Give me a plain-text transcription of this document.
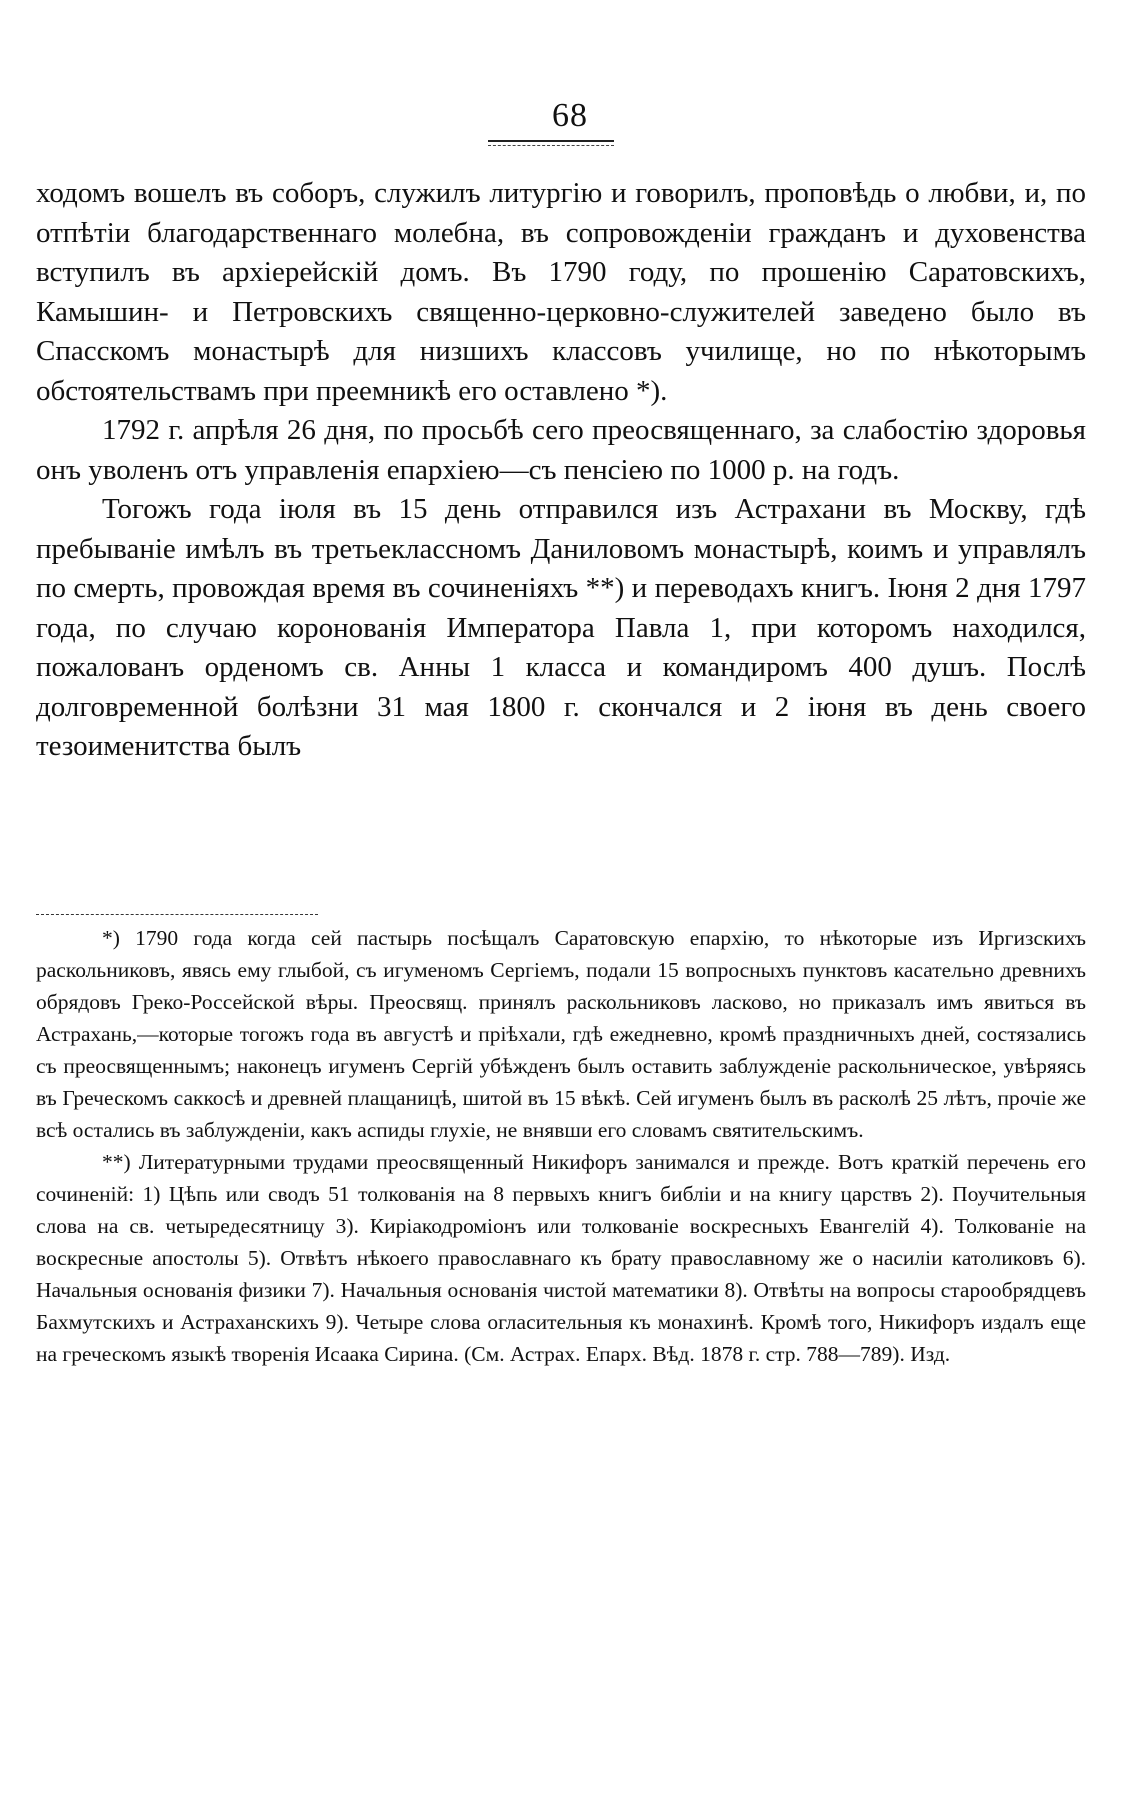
68

ходомъ вошелъ въ соборъ, служилъ литургію и говорилъ, проповѣдь о любви, и, по отпѣтіи благодарственнаго молебна, въ сопровожденіи гражданъ и духовенства вступилъ въ архіерейскій домъ. Въ 1790 году, по прошенію Саратовскихъ, Камышин- и Петровскихъ священно-церковно-служителей заведено было въ Спасскомъ монастырѣ для низшихъ классовъ училище, но по нѣкоторымъ обстоятельствамъ при преемникѣ его оставлено *).

1792 г. апрѣля 26 дня, по просьбѣ сего преосвященнаго, за слабостію здоровья онъ уволенъ отъ управленія епархіею—съ пенсіею по 1000 р. на годъ.

Тогожъ года іюля въ 15 день отправился изъ Астрахани въ Москву, гдѣ пребываніе имѣлъ въ третьеклассномъ Даниловомъ монастырѣ, коимъ и управлялъ по смерть, провождая время въ сочиненіяхъ **) и переводахъ книгъ. Іюня 2 дня 1797 года, по случаю коронованія Императора Павла 1, при которомъ находился, пожалованъ орденомъ св. Анны 1 класса и командиромъ 400 душъ. Послѣ долговременной болѣзни 31 мая 1800 г. скончался и 2 іюня въ день своего тезоименитства былъ

*) 1790 года когда сей пастырь посѣщалъ Саратовскую епархію, то нѣкоторые изъ Иргизскихъ раскольниковъ, явясь ему глыбой, съ игуменомъ Сергіемъ, подали 15 вопросныхъ пунктовъ касательно древнихъ обрядовъ Греко-Россейской вѣры. Преосвящ. принялъ раскольниковъ ласково, но приказалъ имъ явиться въ Астрахань,—которые тогожъ года въ августѣ и пріѣхали, гдѣ ежедневно, кромѣ праздничныхъ дней, состязались съ преосвященнымъ; наконецъ игуменъ Сергій убѣжденъ былъ оставить заблужденіе раскольническое, увѣряясь въ Греческомъ саккосѣ и древней плащаницѣ, шитой въ 15 вѣкѣ. Сей игуменъ былъ въ расколѣ 25 лѣтъ, прочіе же всѣ остались въ заблужденіи, какъ аспиды глухіе, не внявши его словамъ святительскимъ.

**) Литературными трудами преосвященный Никифоръ занимался и прежде. Вотъ краткій перечень его сочиненій: 1) Цѣпь или сводъ 51 толкованія на 8 первыхъ книгъ библіи и на книгу царствъ 2). Поучительныя слова на св. четыредесятницу 3). Киріакодроміонъ или толкованіе воскресныхъ Евангелій 4). Толкованіе на воскресные апостолы 5). Отвѣтъ нѣкоего православнаго къ брату православному же о насиліи католиковъ 6). Начальныя основанія физики 7). Начальныя основанія чистой математики 8). Отвѣты на вопросы старообрядцевъ Бахмутскихъ и Астраханскихъ 9). Четыре слова огласительныя къ монахинѣ. Кромѣ того, Никифоръ издалъ еще на греческомъ языкѣ творенія Исаака Сирина. (См. Астрах. Епарх. Вѣд. 1878 г. стр. 788—789). Изд.
